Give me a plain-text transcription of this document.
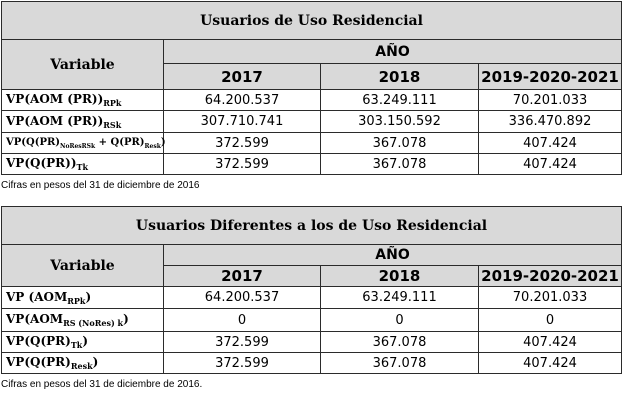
Usuarios de Uso Residencial			
Variable	AÑO		
	2017	2018	2019-2020-2021
VP(AOM $(PR))_{RPk}$	64.200.537	63.249.111	70.201.033
VP(AOM $(PR))_{RSk}$	307.710.741	303.150.592	336.470.892
$VP(Q(PR)_{NoResRSk} + Q(PR)_{Resk})$	372.599	367.078	407.424
$VP(Q(PR))_{Tk}$	372.599	367.078	407.424
Cifras en pesos del 31 de diciembre de 2016
Usuarios Diferentes a los de Uso Residencial			
Variable	AÑO		
	2017	2018	2019-2020-2021
VP $(AOM_{RPk})$	64.200.537	63.249.111	70.201.033
$VP(AOM_{RS (NoRes) k})$	0	0	0
$VP(Q(PR)_{Tk})$	372.599	367.078	407.424
$VP(Q(PR)_{Resk})$	372.599	367.078	407.424
Cifras en pesos del 31 de diciembre de 2016.
